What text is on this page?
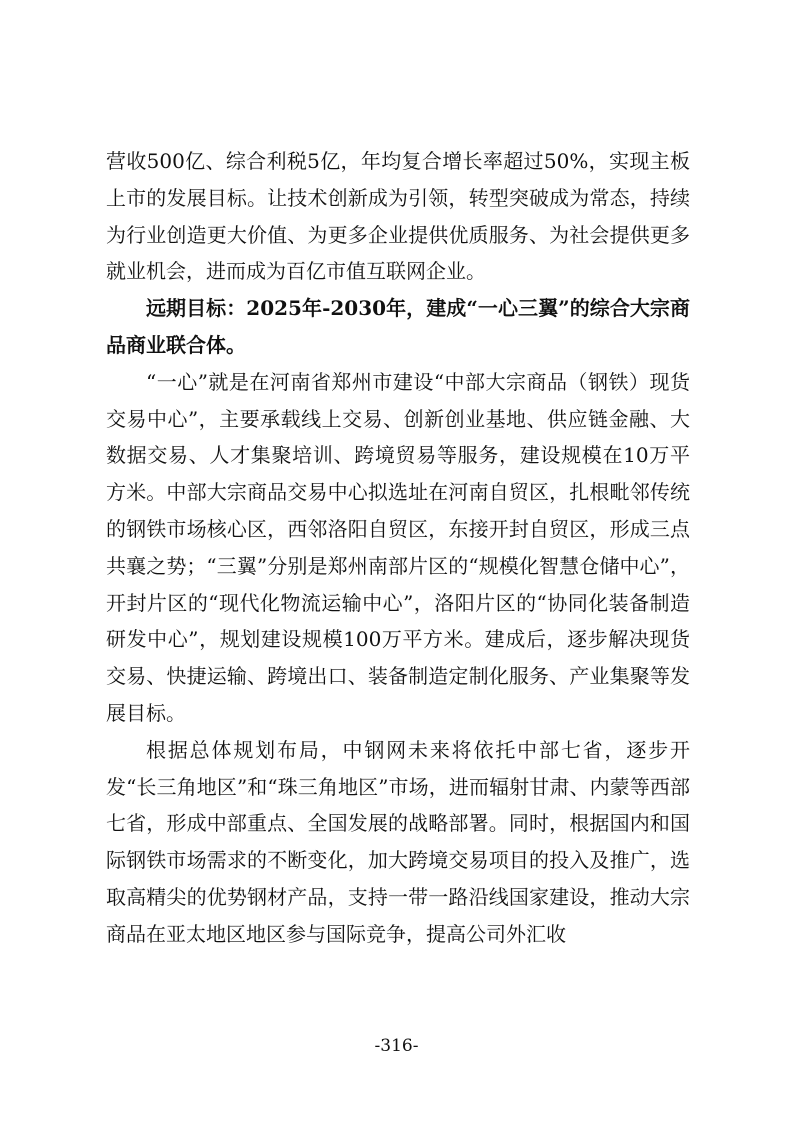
营收500亿、综合利税5亿，年均复合增长率超过50%，实现主板上市的发展目标。让技术创新成为引领，转型突破成为常态，持续为行业创造更大价值、为更多企业提供优质服务、为社会提供更多就业机会，进而成为百亿市值互联网企业。

远期目标：2025年-2030年，建成“一心三翼”的综合大宗商品商业联合体。

“一心”就是在河南省郑州市建设“中部大宗商品（钢铁）现货交易中心”，主要承载线上交易、创新创业基地、供应链金融、大数据交易、人才集聚培训、跨境贸易等服务，建设规模在10万平方米。中部大宗商品交易中心拟选址在河南自贸区，扎根毗邻传统的钢铁市场核心区，西邻洛阳自贸区，东接开封自贸区，形成三点共襄之势；“三翼”分别是郑州南部片区的“规模化智慧仓储中心”，开封片区的“现代化物流运输中心”，洛阳片区的“协同化装备制造研发中心”，规划建设规模100万平方米。建成后，逐步解决现货交易、快捷运输、跨境出口、装备制造定制化服务、产业集聚等发展目标。

根据总体规划布局，中钢网未来将依托中部七省，逐步开发“长三角地区”和“珠三角地区”市场，进而辐射甘肃、内蒙等西部七省，形成中部重点、全国发展的战略部署。同时，根据国内和国际钢铁市场需求的不断变化，加大跨境交易项目的投入及推广，选取高精尖的优势钢材产品，支持一带一路沿线国家建设，推动大宗商品在亚太地区地区参与国际竞争，提高公司外汇收

-316-
